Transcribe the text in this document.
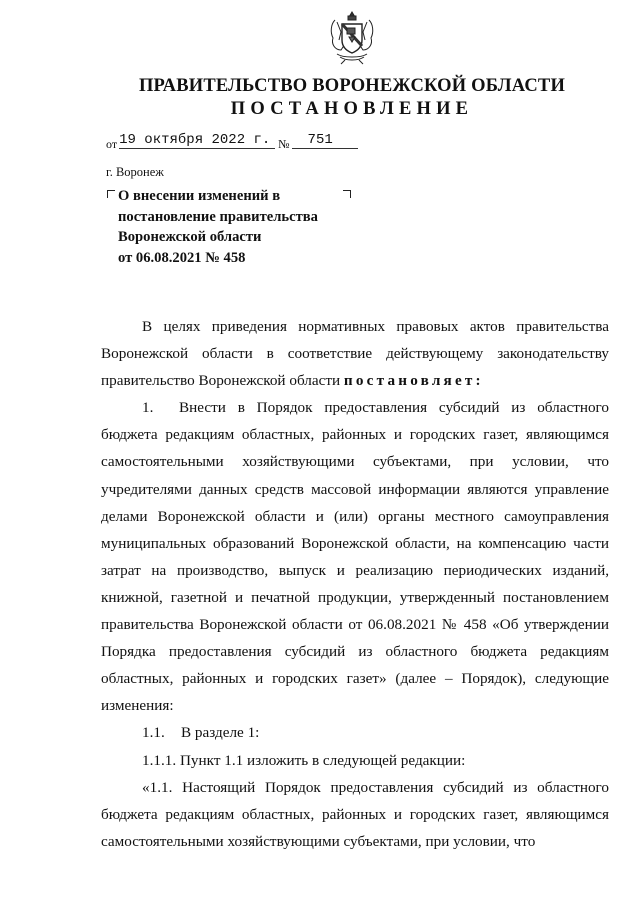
ПРАВИТЕЛЬСТВО ВОРОНЕЖСКОЙ ОБЛАСТИ
ПОСТАНОВЛЕНИЕ
от 19 октября 2022 г. №	751
г. Воронеж
О внесении изменений в
постановление правительства
Воронежской области
от 06.08.2021 № 458

В целях приведения нормативных правовых актов правительства Воронежской области в соответствие действующему законодательству правительство Воронежской области постановляет:

1. Внести в Порядок предоставления субсидий из областного бюджета редакциям областных, районных и городских газет, являющимся самостоятельными хозяйствующими субъектами, при условии, что учредителями данных средств массовой информации являются управление делами Воронежской области и (или) органы местного самоуправления муниципальных образований Воронежской области, на компенсацию части затрат на производство, выпуск и реализацию периодических изданий, книжной, газетной и печатной продукции, утвержденный постановлением правительства Воронежской области от 06.08.2021 № 458 «Об утверждении Порядка предоставления субсидий из областного бюджета редакциям областных, районных и городских газет» (далее – Порядок), следующие изменения:

1.1. В разделе 1:

1.1.1. Пункт 1.1 изложить в следующей редакции:

«1.1. Настоящий Порядок предоставления субсидий из областного бюджета редакциям областных, районных и городских газет, являющимся самостоятельными хозяйствующими субъектами, при условии, что
